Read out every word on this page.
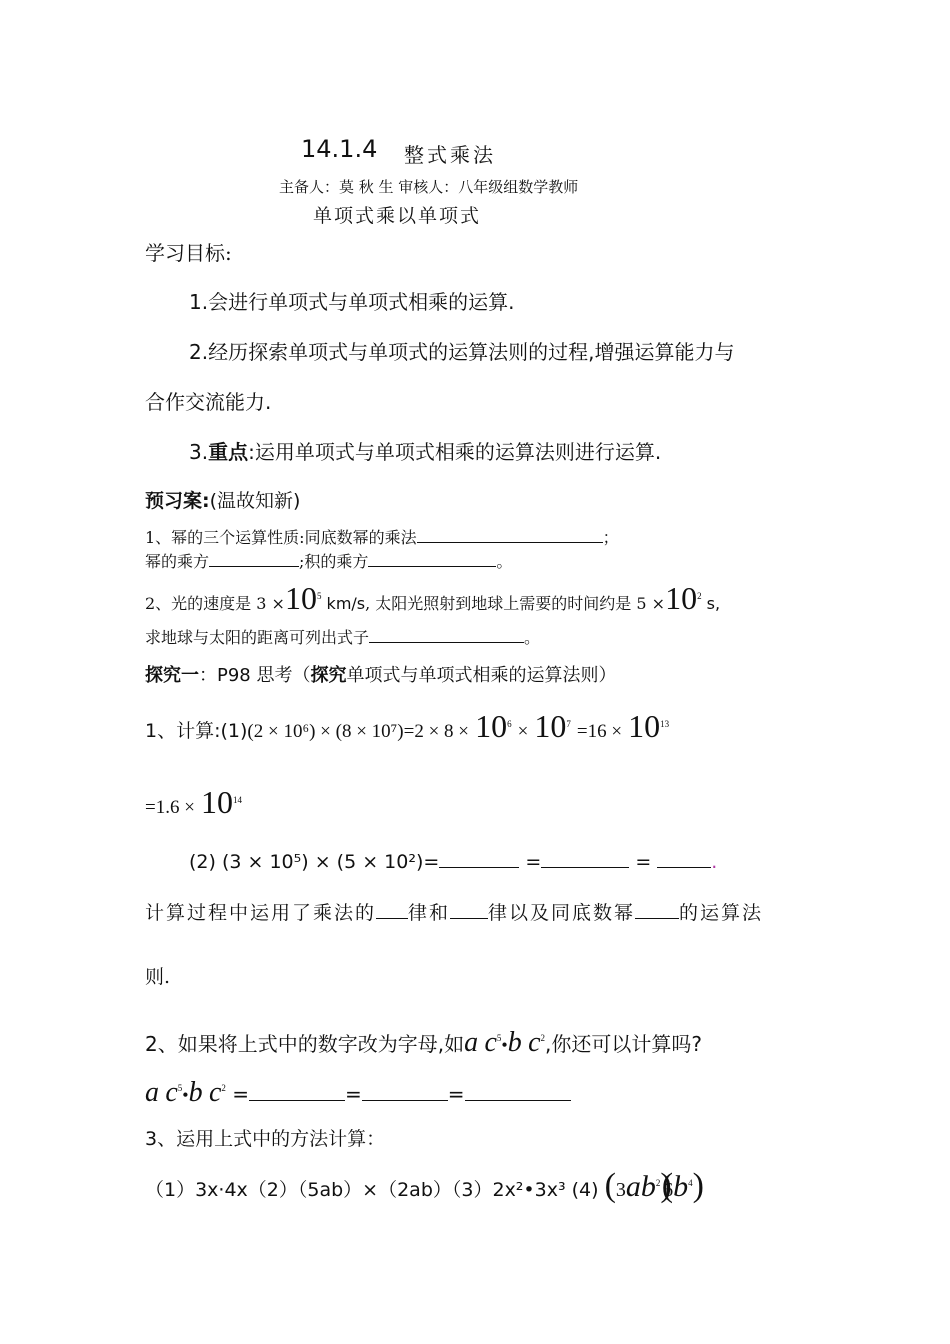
14.1.4 整式乘法
主备人：莫 秋 生 审核人：八年级组数学教师
单项式乘以单项式
学习目标:
1.会进行单项式与单项式相乘的运算.
2.经历探索单项式与单项式的运算法则的过程,增强运算能力与
合作交流能力.
3.重点:运用单项式与单项式相乘的运算法则进行运算.
预习案:(温故知新)
1、幂的三个运算性质:同底数幂的乘法	；
幂的乘方	;积的乘方	。
2、光的速度是 $3 \times 10^5$ km/s, 太阳光照射到地球上需要的时间约是 $5 \times 10^2$ s,
求地球与太阳的距离可列出式子	。
探究一：P98 思考（探究单项式与单项式相乘的运算法则）
1、计算:(1)(2 × $10^6) \times (8 \times 10^7)=2 \times 8 \times 10^6 \times 10^7 =16 \times 10^{13}$
$=1.6 \times 10^{14}$
(2) (3 × 10⁵) × (5 × 10²)=	=	=	.
计算过程中运用了乘法的 律和 律以及同底数幂 的运算法
则.
2、如果将上式中的数字改为字母,如a $c^5•b$ $c^2$,你还可以计算吗?
a $c^5•b$ $c^2$ =	=	=
3、运用上式中的方法计算：
（1）3x·4x（2）（5ab）×（2ab）（3）2x²•3x³ (4) $(3ab^2)(6b^4)$
